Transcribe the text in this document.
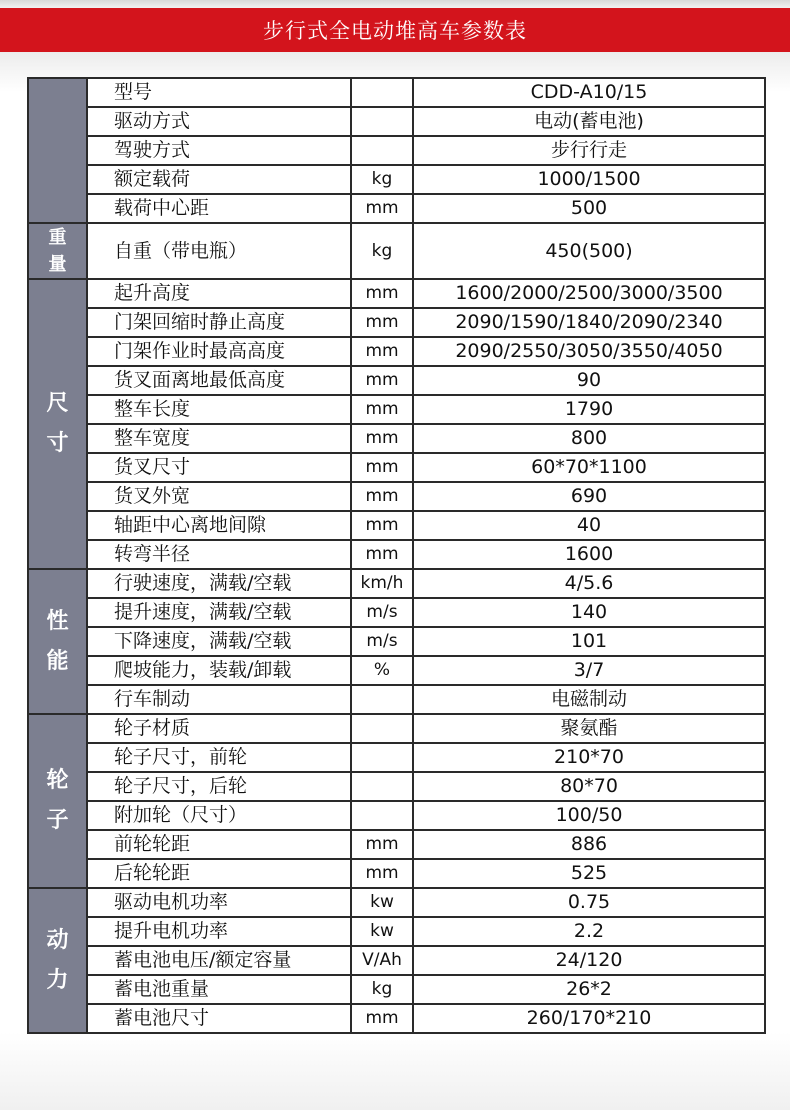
步行式全电动堆高车参数表
	型号		CDD-A10/15
	驱动方式		电动(蓄电池)
	驾驶方式		步行行走
	额定载荷	kg	1000/1500
	载荷中心距	mm	500
重量	自重（带电瓶）	kg	450(500)
尺寸	起升高度	mm	1600/2000/2500/3000/3500
	门架回缩时静止高度	mm	2090/1590/1840/2090/2340
	门架作业时最高高度	mm	2090/2550/3050/3550/4050
	货叉面离地最低高度	mm	90
	整车长度	mm	1790
	整车宽度	mm	800
	货叉尺寸	mm	60*70*1100
	货叉外宽	mm	690
	轴距中心离地间隙	mm	40
	转弯半径	mm	1600
性能	行驶速度，满载/空载	km/h	4/5.6
	提升速度，满载/空载	m/s	140
	下降速度，满载/空载	m/s	101
	爬坡能力，装载/卸载	%	3/7
	行车制动		电磁制动
轮子	轮子材质		聚氨酯
	轮子尺寸，前轮		210*70
	轮子尺寸，后轮		80*70
	附加轮（尺寸）		100/50
	前轮轮距	mm	886
	后轮轮距	mm	525
动力	驱动电机功率	kw	0.75
	提升电机功率	kw	2.2
	蓄电池电压/额定容量	V/Ah	24/120
	蓄电池重量	kg	26*2
	蓄电池尺寸	mm	260/170*210
